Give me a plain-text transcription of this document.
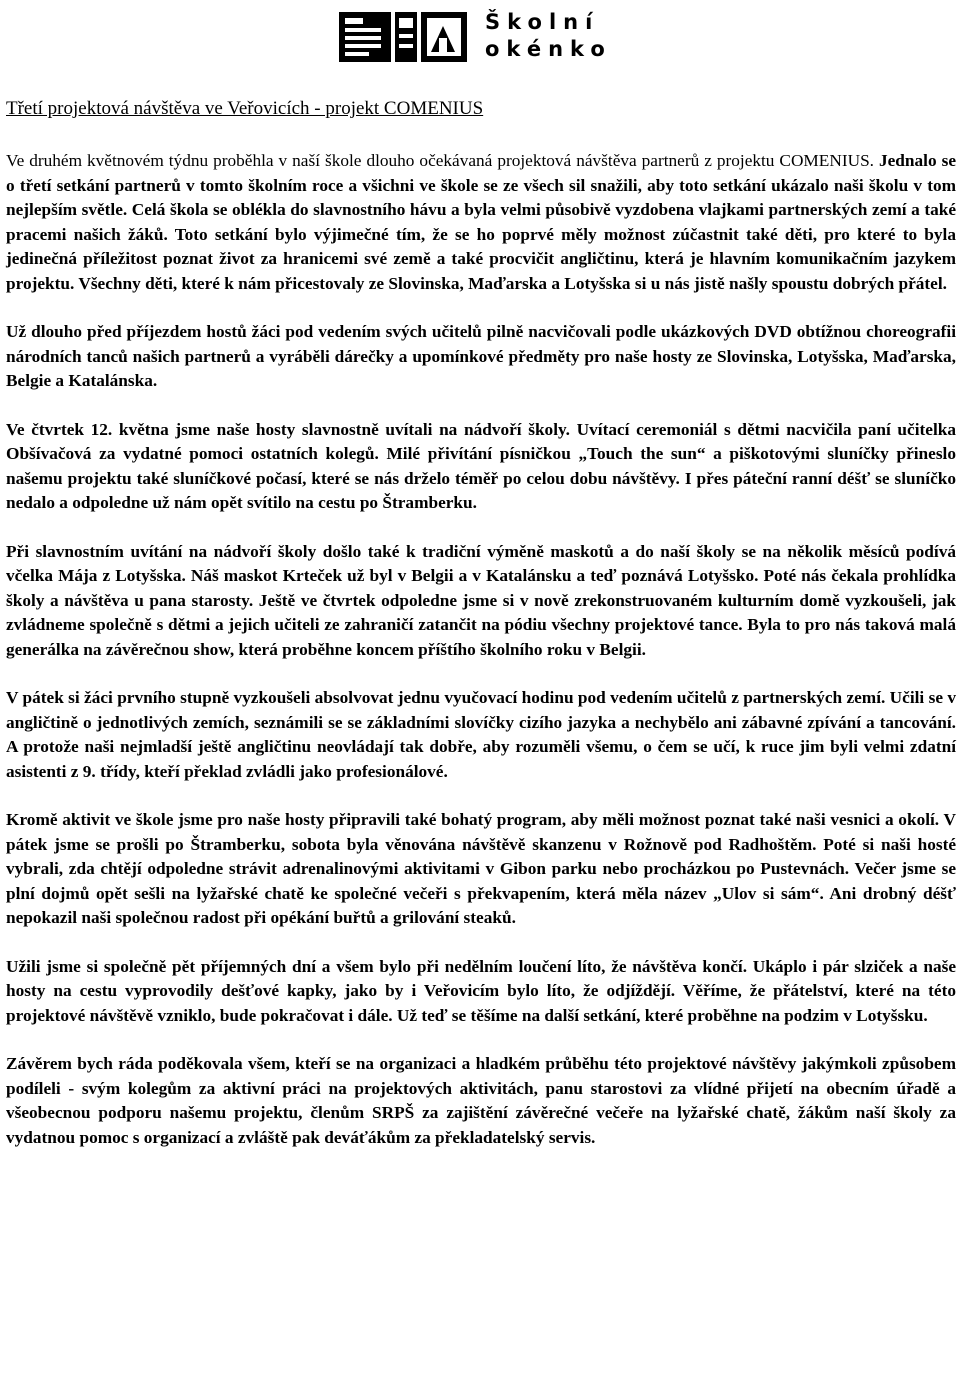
Školní
okénko
Třetí projektová návštěva ve Veřovicích - projekt COMENIUS

Ve druhém květnovém týdnu proběhla v naší škole dlouho očekávaná projektová návštěva partnerů z projektu COMENIUS. Jednalo se o třetí setkání partnerů v tomto školním roce a všichni ve škole se ze všech sil snažili, aby toto setkání ukázalo naši školu v tom nejlepším světle. Celá škola se oblékla do slavnostního hávu a byla velmi působivě vyzdobena vlajkami partnerských zemí a také pracemi našich žáků. Toto setkání bylo výjimečné tím, že se ho poprvé měly možnost zúčastnit také děti, pro které to byla jedinečná příležitost poznat život za hranicemi své země a také procvičit angličtinu, která je hlavním komunikačním jazykem projektu. Všechny děti, které k nám přicestovaly ze Slovinska, Maďarska a Lotyšska si u nás jistě našly spoustu dobrých přátel.

Už dlouho před příjezdem hostů žáci pod vedením svých učitelů pilně nacvičovali podle ukázkových DVD obtížnou choreografii národních tanců našich partnerů a vyráběli dárečky a upomínkové předměty pro naše hosty ze Slovinska, Lotyšska, Maďarska, Belgie a Katalánska.

Ve čtvrtek 12. května jsme naše hosty slavnostně uvítali na nádvoří školy. Uvítací ceremoniál s dětmi nacvičila paní učitelka Obšívačová za vydatné pomoci ostatních kolegů. Milé přivítání písničkou „Touch the sun“ a piškotovými sluníčky přineslo našemu projektu také sluníčkové počasí, které se nás drželo téměř po celou dobu návštěvy. I přes páteční ranní déšť se sluníčko nedalo a odpoledne už nám opět svítilo na cestu po Štramberku.

Při slavnostním uvítání na nádvoří školy došlo také k tradiční výměně maskotů a do naší školy se na několik měsíců podívá včelka Mája z Lotyšska. Náš maskot Krteček už byl v Belgii a v Katalánsku a teď poznává Lotyšsko. Poté nás čekala prohlídka školy a návštěva u pana starosty. Ještě ve čtvrtek odpoledne jsme si v nově zrekonstruovaném kulturním domě vyzkoušeli, jak zvládneme společně s dětmi a jejich učiteli ze zahraničí zatančit na pódiu všechny projektové tance. Byla to pro nás taková malá generálka na závěrečnou show, která proběhne koncem příštího školního roku v Belgii.

V pátek si žáci prvního stupně vyzkoušeli absolvovat jednu vyučovací hodinu pod vedením učitelů z partnerských zemí. Učili se v angličtině o jednotlivých zemích, seznámili se se základními slovíčky cizího jazyka a nechybělo ani zábavné zpívání a tancování. A protože naši nejmladší ještě angličtinu neovládají tak dobře, aby rozuměli všemu, o čem se učí, k ruce jim byli velmi zdatní asistenti z 9. třídy, kteří překlad zvládli jako profesionálové.

Kromě aktivit ve škole jsme pro naše hosty připravili také bohatý program, aby měli možnost poznat také naši vesnici a okolí. V pátek jsme se prošli po Štramberku, sobota byla věnována návštěvě skanzenu v Rožnově pod Radhoštěm. Poté si naši hosté vybrali, zda chtějí odpoledne strávit adrenalinovými aktivitami v Gibon parku nebo procházkou po Pustevnách. Večer jsme se plní dojmů opět sešli na lyžařské chatě ke společné večeři s překvapením, která měla název „Ulov si sám“. Ani drobný déšť nepokazil naši společnou radost při opékání buřtů a grilování steaků.

Užili jsme si společně pět příjemných dní a všem bylo při nedělním loučení líto, že návštěva končí. Ukáplo i pár slziček a naše hosty na cestu vyprovodily dešťové kapky, jako by i Veřovicím bylo líto, že odjíždějí. Věříme, že přátelství, které na této projektové návštěvě vzniklo, bude pokračovat i dále. Už teď se těšíme na další setkání, které proběhne na podzim v Lotyšsku.

Závěrem bych ráda poděkovala všem, kteří se na organizaci a hladkém průběhu této projektové návštěvy jakýmkoli způsobem podíleli - svým kolegům za aktivní práci na projektových aktivitách, panu starostovi za vlídné přijetí na obecním úřadě a všeobecnou podporu našemu projektu, členům SRPŠ za zajištění závěrečné večeře na lyžařské chatě, žákům naší školy za vydatnou pomoc s organizací a zvláště pak deváťákům za překladatelský servis.
